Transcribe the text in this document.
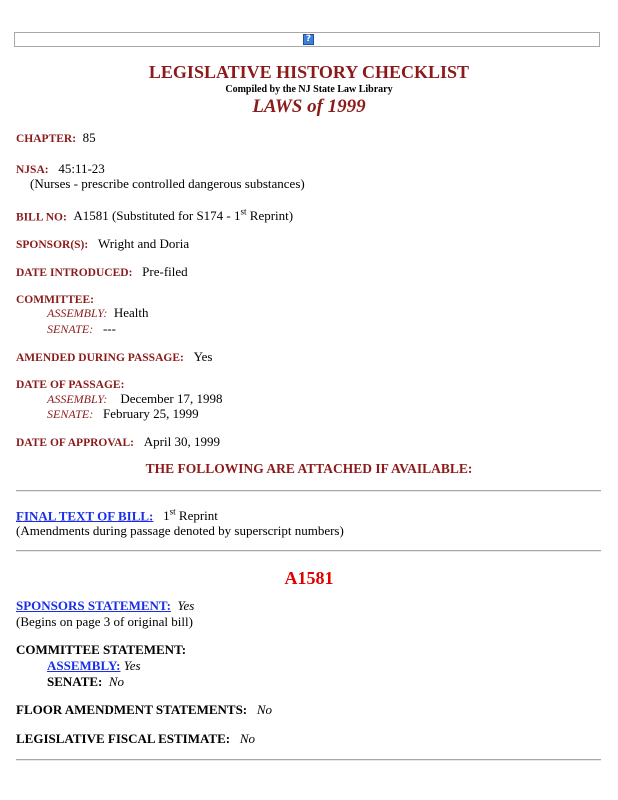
?
LEGISLATIVE HISTORY CHECKLIST
Compiled by the NJ State Law Library
LAWS of 1999
CHAPTER: 85
NJSA: 45:11-23
(Nurses - prescribe controlled dangerous substances)
BILL NO: A1581 (Substituted for S174 - 1st Reprint)
SPONSOR(S): Wright and Doria
DATE INTRODUCED: Pre-filed
COMMITTEE:
ASSEMBLY: Health
SENATE: ---
AMENDED DURING PASSAGE: Yes
DATE OF PASSAGE:
ASSEMBLY: December 17, 1998
SENATE: February 25, 1999
DATE OF APPROVAL: April 30, 1999
THE FOLLOWING ARE ATTACHED IF AVAILABLE:
FINAL TEXT OF BILL: 1st Reprint
(Amendments during passage denoted by superscript numbers)
A1581
SPONSORS STATEMENT: Yes
(Begins on page 3 of original bill)
COMMITTEE STATEMENT:
ASSEMBLY: Yes
SENATE: No
FLOOR AMENDMENT STATEMENTS: No
LEGISLATIVE FISCAL ESTIMATE: No
